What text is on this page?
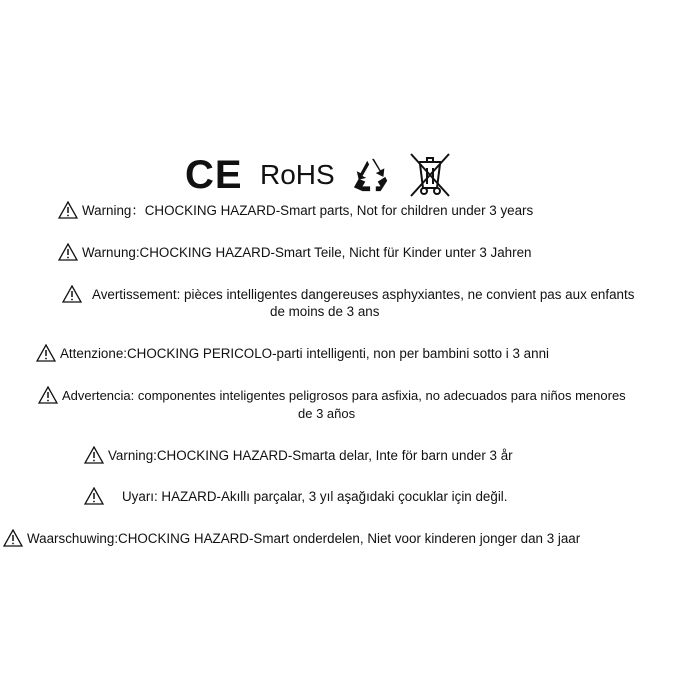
CE RoHS
Warning：CHOCKING HAZARD-Smart parts, Not for children under 3 years
Warnung:CHOCKING HAZARD-Smart Teile, Nicht für Kinder unter 3 Jahren
Avertissement: pièces intelligentes dangereuses asphyxiantes, ne convient pas aux enfants
de moins de 3 ans
Attenzione:CHOCKING PERICOLO-parti intelligenti, non per bambini sotto i 3 anni
Advertencia: componentes inteligentes peligrosos para asfixia, no adecuados para niños menores
de 3 años
Varning:CHOCKING HAZARD-Smarta delar, Inte för barn under 3 år
Uyarı: HAZARD-Akıllı parçalar, 3 yıl aşağıdaki çocuklar için değil.
Waarschuwing:CHOCKING HAZARD-Smart onderdelen, Niet voor kinderen jonger dan 3 jaar
